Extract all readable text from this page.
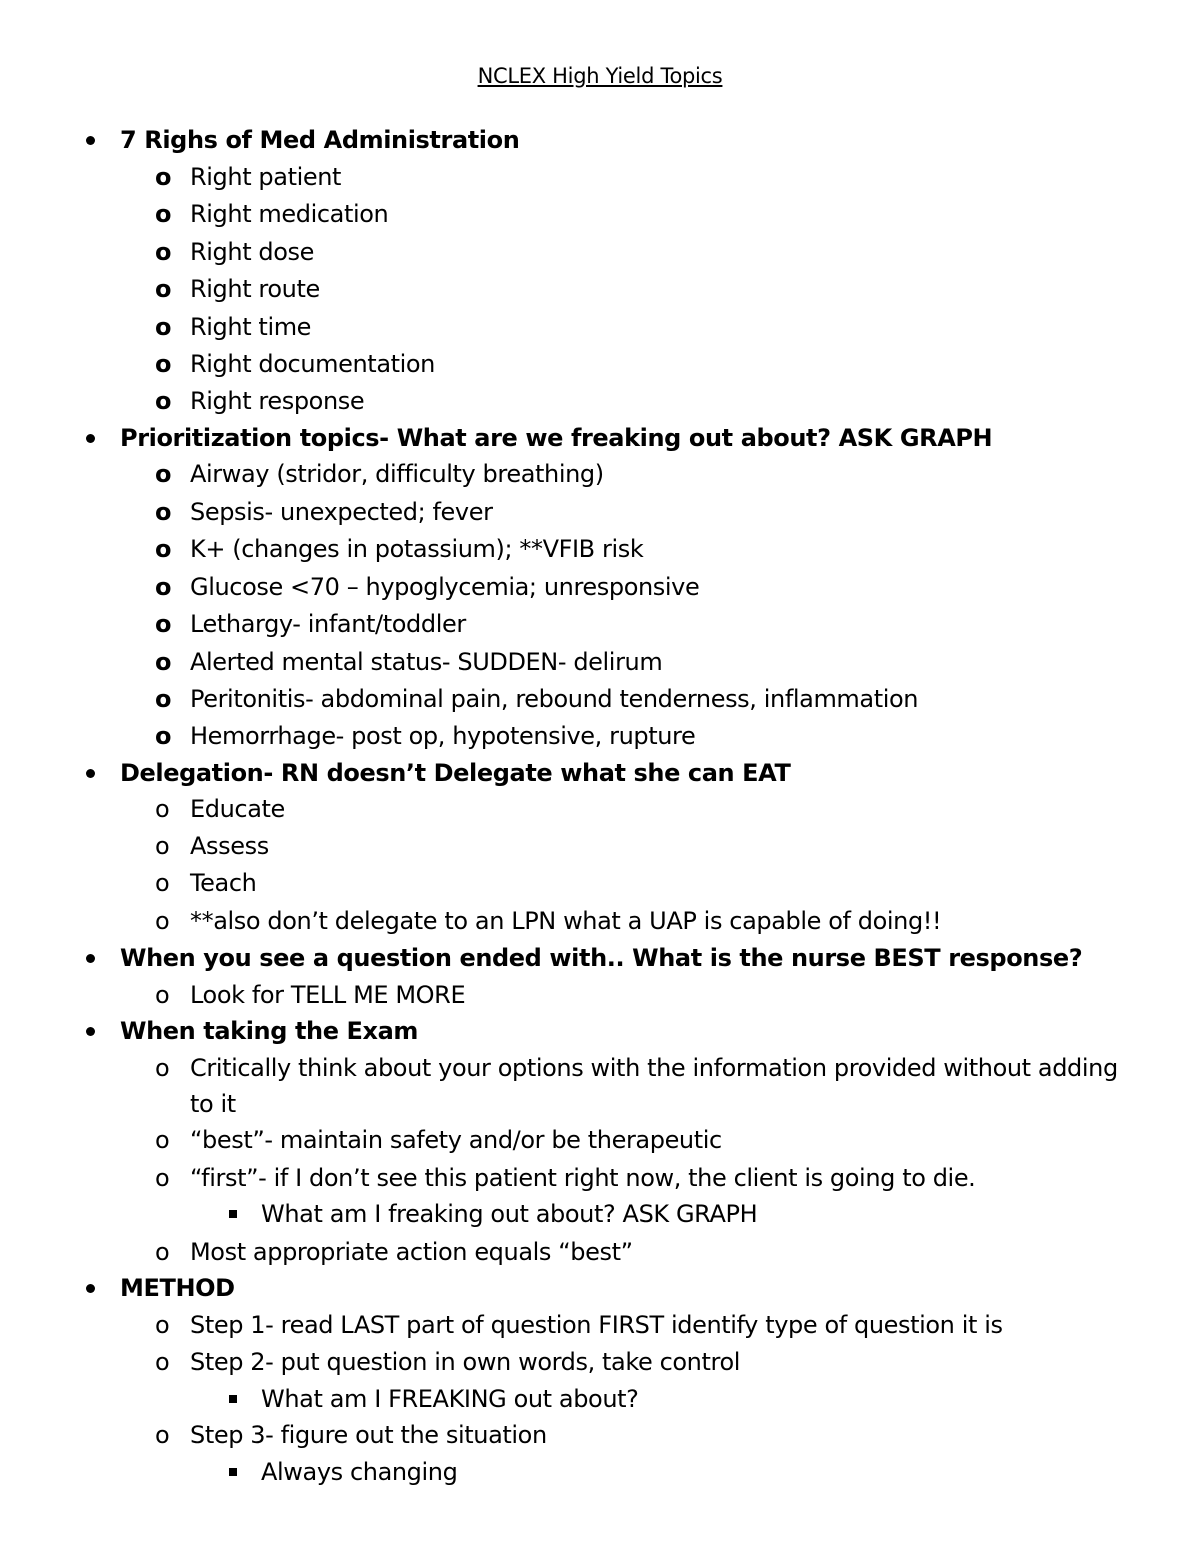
NCLEX High Yield Topics
7 Righs of Med Administration
o Right patient
o Right medication
o Right dose
o Right route
o Right time
o Right documentation
o Right response
Prioritization topics- What are we freaking out about? ASK GRAPH
o Airway (stridor, difficulty breathing)
o Sepsis- unexpected; fever
o K+ (changes in potassium); **VFIB risk
o Glucose <70 – hypoglycemia; unresponsive
o Lethargy- infant/toddler
o Alerted mental status- SUDDEN- delirum
o Peritonitis- abdominal pain, rebound tenderness, inflammation
o Hemorrhage- post op, hypotensive, rupture
Delegation- RN doesn’t Delegate what she can EAT
o Educate
o Assess
o Teach
o **also don’t delegate to an LPN what a UAP is capable of doing!!
When you see a question ended with.. What is the nurse BEST response?
o Look for TELL ME MORE
When taking the Exam
o Critically think about your options with the information provided without adding
to it
o “best”- maintain safety and/or be therapeutic
o “first”- if I don’t see this patient right now, the client is going to die.
What am I freaking out about? ASK GRAPH
o Most appropriate action equals “best”
METHOD
o Step 1- read LAST part of question FIRST identify type of question it is
o Step 2- put question in own words, take control
What am I FREAKING out about?
o Step 3- figure out the situation
Always changing
